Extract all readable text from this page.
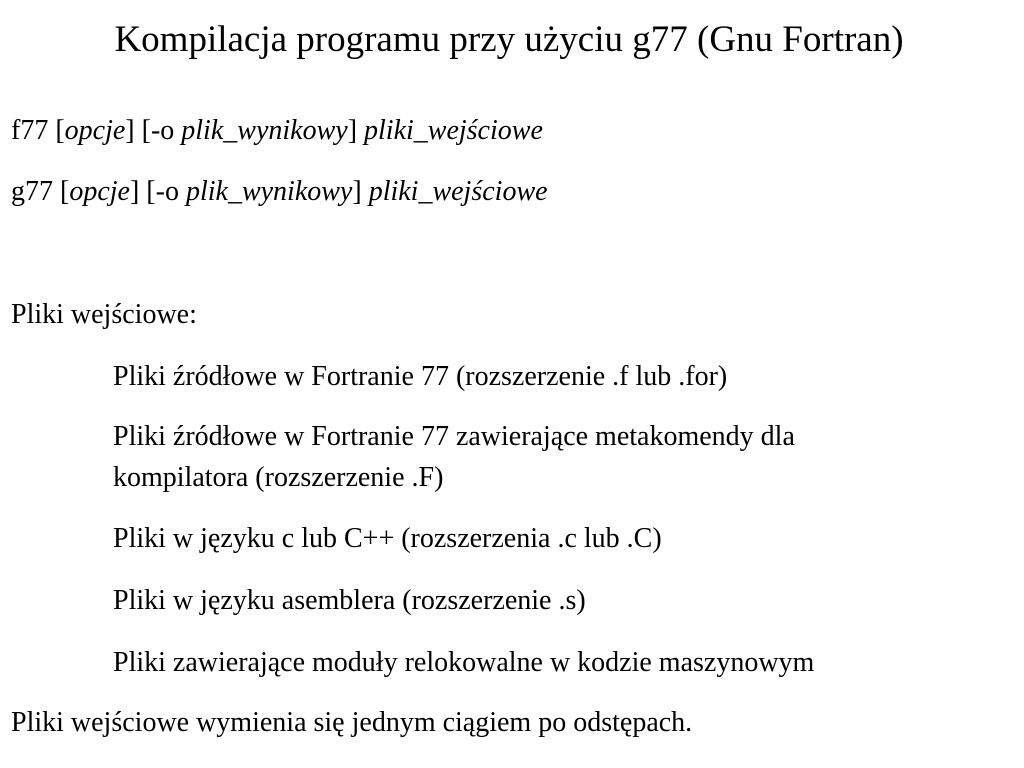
Kompilacja programu przy użyciu g77 (Gnu Fortran)
f77 [opcje] [-o plik_wynikowy] pliki_wejściowe
g77 [opcje] [-o plik_wynikowy] pliki_wejściowe
Pliki wejściowe:
Pliki źródłowe w Fortranie 77 (rozszerzenie .f lub .for)
Pliki źródłowe w Fortranie 77 zawierające metakomendy dla
kompilatora (rozszerzenie .F)
Pliki w języku c lub C++ (rozszerzenia .c lub .C)
Pliki w języku asemblera (rozszerzenie .s)
Pliki zawierające moduły relokowalne w kodzie maszynowym
Pliki wejściowe wymienia się jednym ciągiem po odstępach.
